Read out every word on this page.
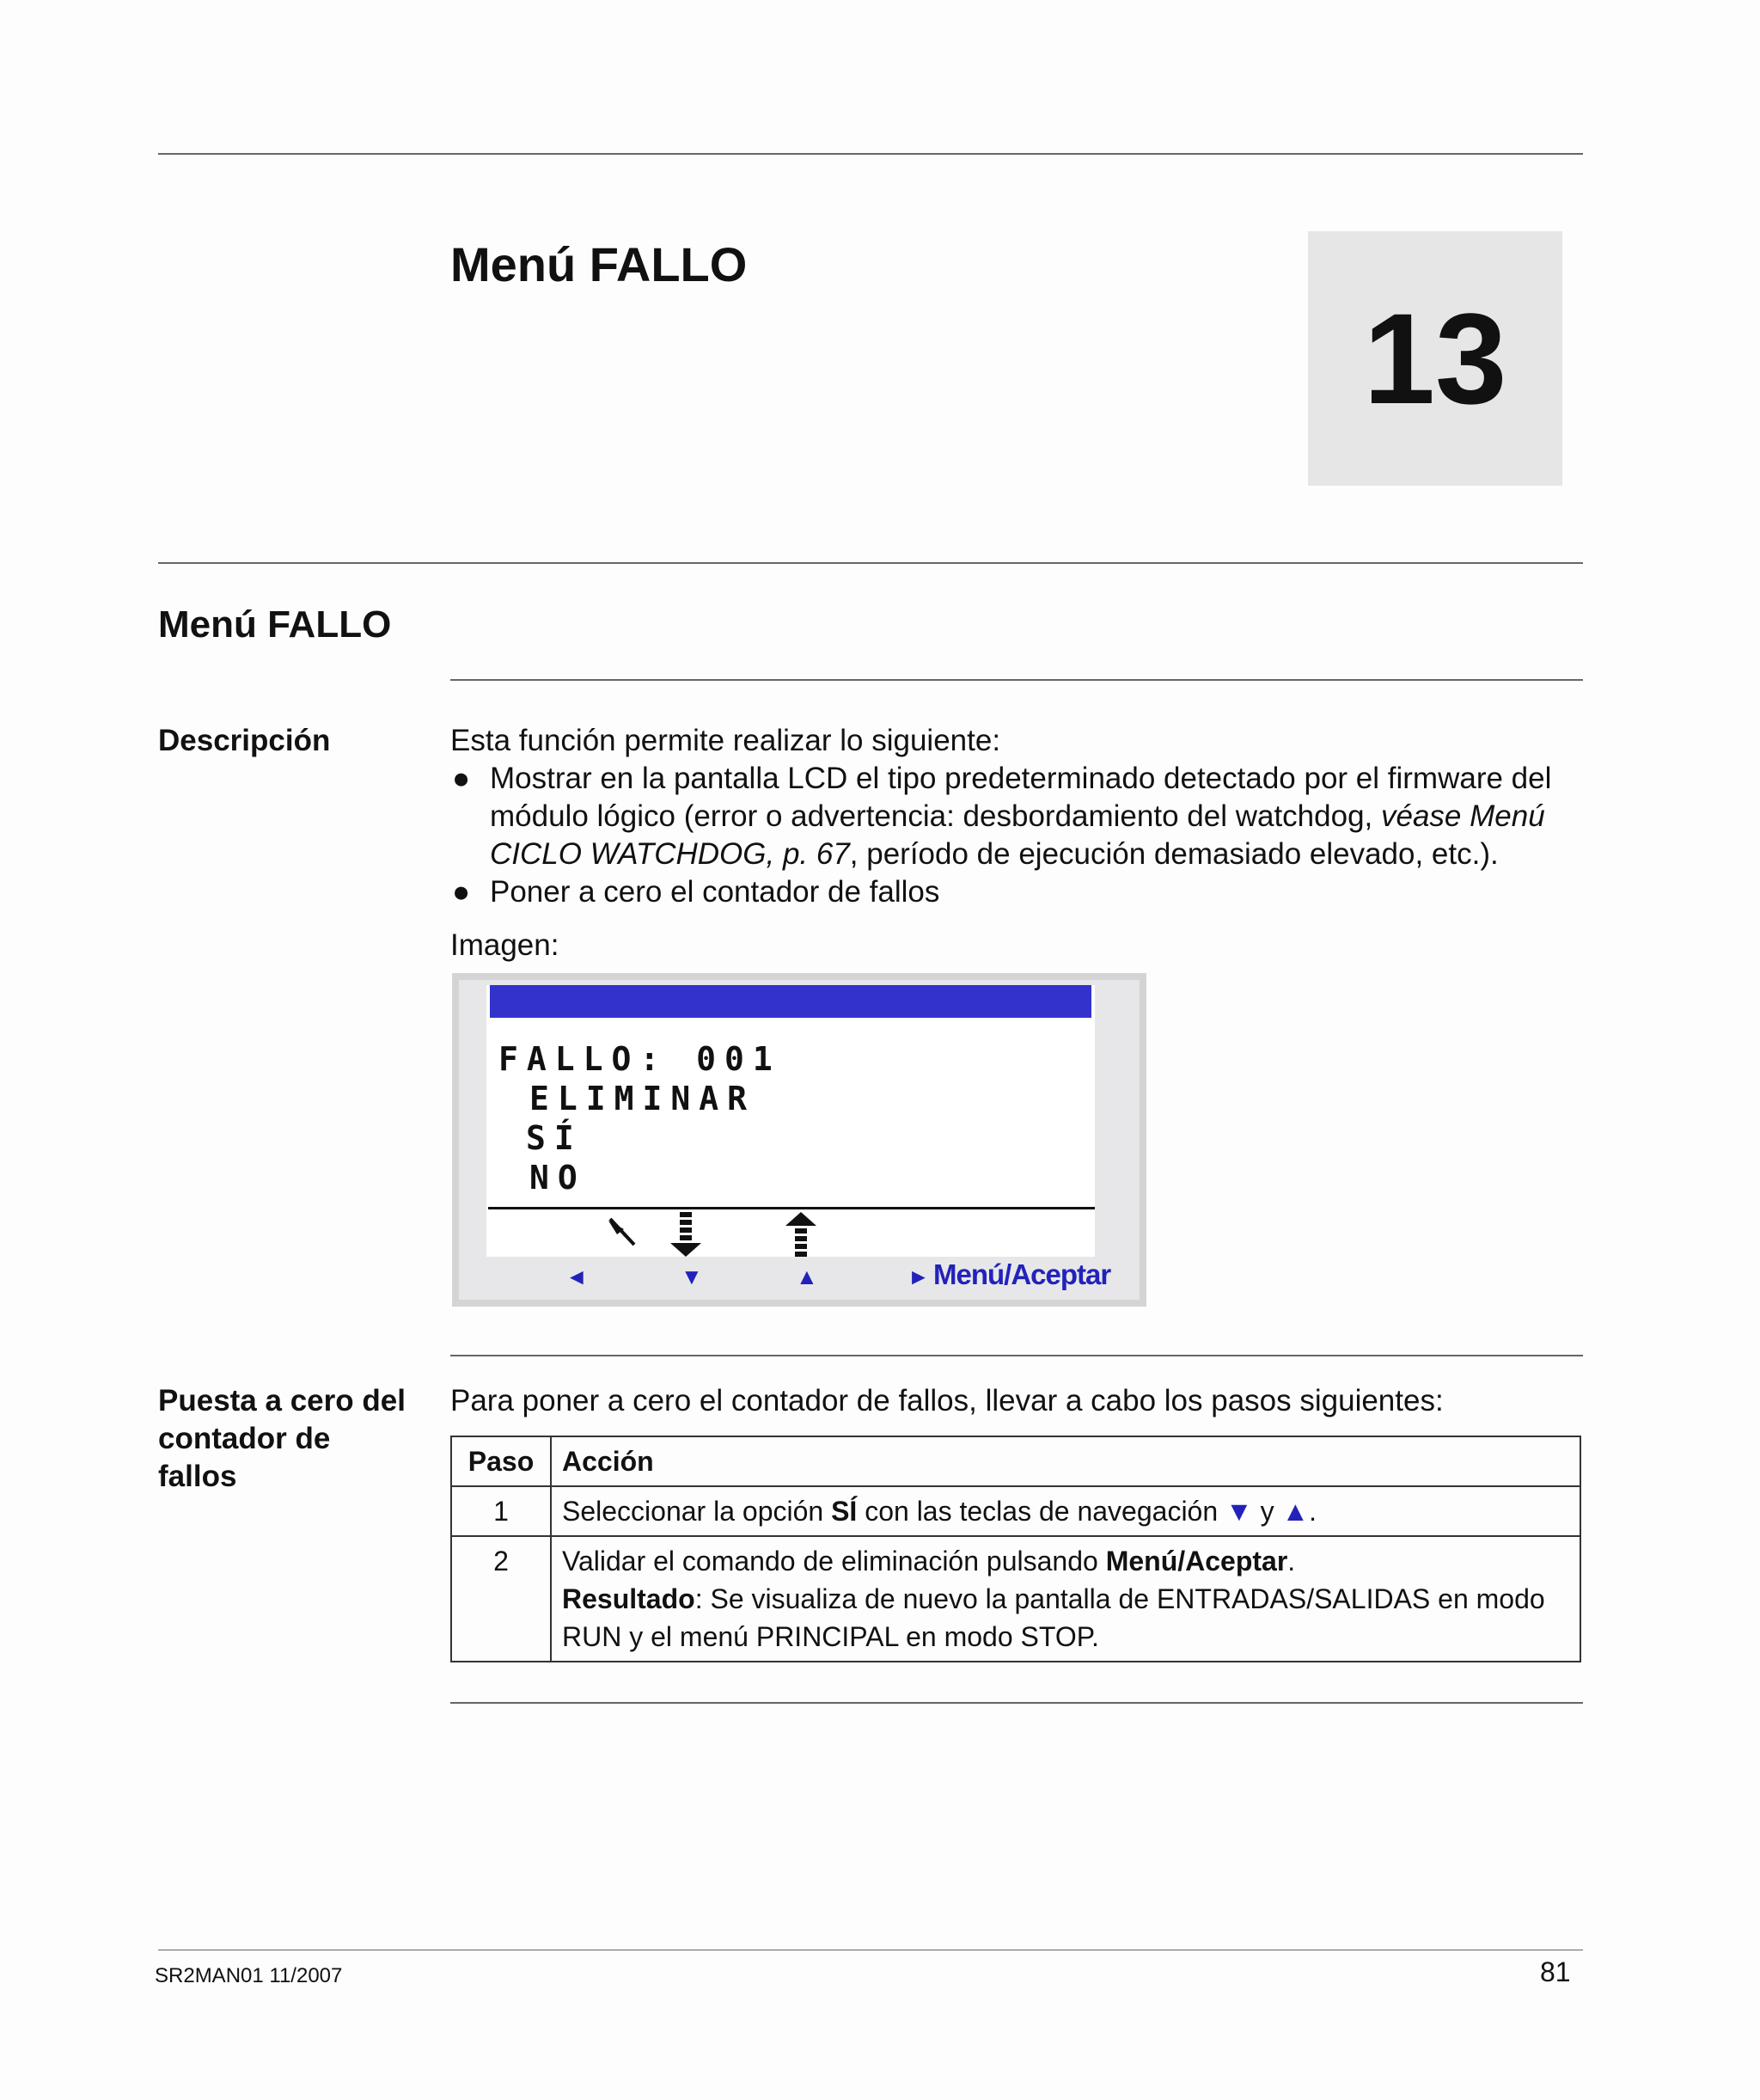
Menú FALLO
13
Menú FALLO
Descripción	Esta función permite realizar lo siguiente:
● Mostrar en la pantalla LCD el tipo predeterminado detectado por el firmware del módulo lógico (error o advertencia: desbordamiento del watchdog, véase Menú CICLO WATCHDOG, p. 67, período de ejecución demasiado elevado, etc.).
● Poner a cero el contador de fallos
Imagen:
FALLO: 001
ELIMINAR
SÍ
NO
◄	▼	▲	► Menú/Aceptar
Puesta a cero del
contador de
fallos
Para poner a cero el contador de fallos, llevar a cabo los pasos siguientes:
Paso	Acción
1	Seleccionar la opción SÍ con las teclas de navegación ▼ y ▲.
2	Validar el comando de eliminación pulsando Menú/Aceptar.
Resultado: Se visualiza de nuevo la pantalla de ENTRADAS/SALIDAS en modo RUN y el menú PRINCIPAL en modo STOP.
SR2MAN01 11/2007	81
